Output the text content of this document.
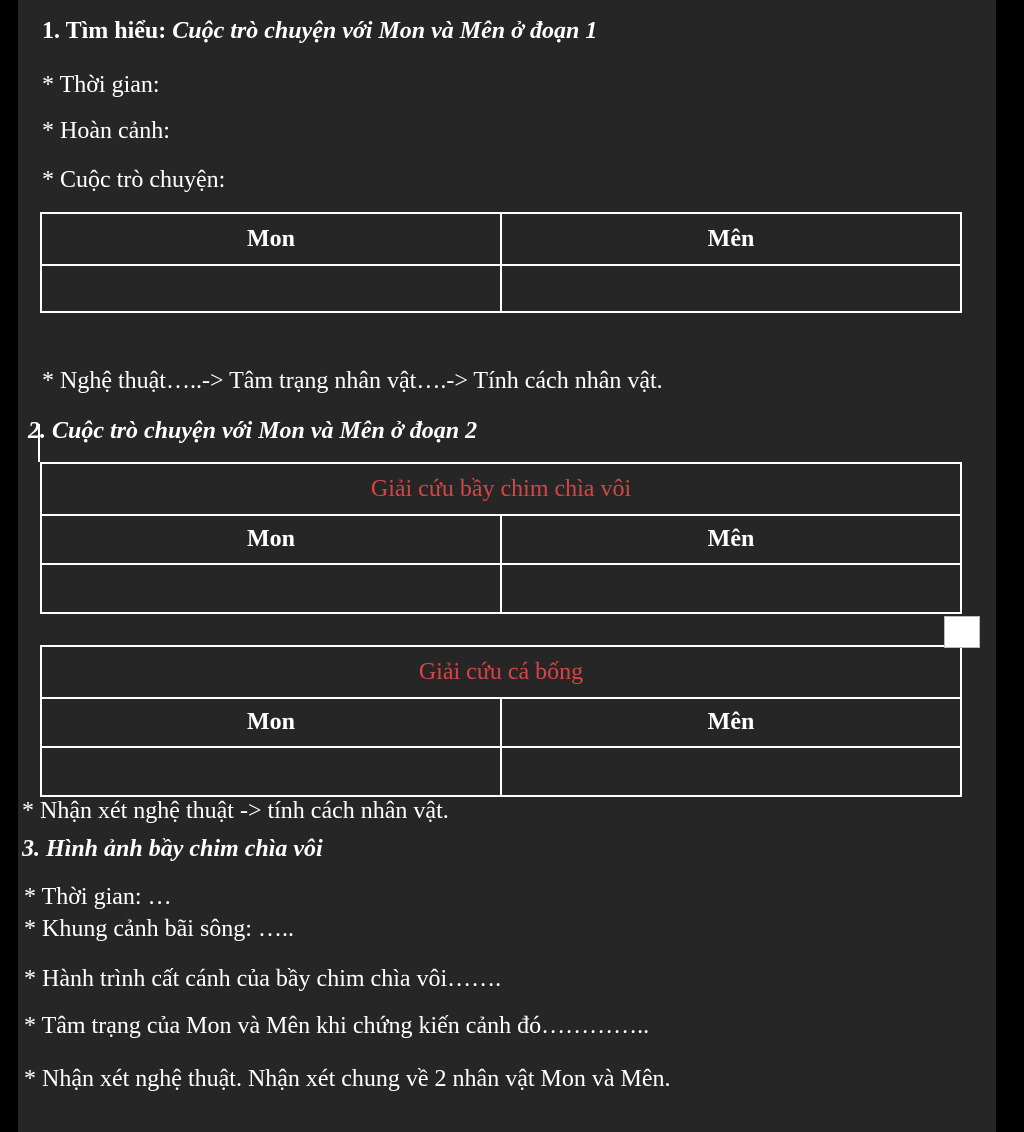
1. Tìm hiểu: Cuộc trò chuyện với Mon và Mên ở đoạn 1
* Thời gian:
* Hoàn cảnh:
* Cuộc trò chuyện:
Mon	Mên

* Nghệ thuật…..-> Tâm trạng nhân vật….-> Tính cách nhân vật.
2. Cuộc trò chuyện với Mon và Mên ở đoạn 2
Giải cứu bầy chim chìa vôi	
Mon	Mên

Giải cứu cá bống	
Mon	Mên

* Nhận xét nghệ thuật -> tính cách nhân vật.
3. Hình ảnh bầy chim chìa vôi
* Thời gian: …
* Khung cảnh bãi sông: …..
* Hành trình cất cánh của bầy chim chìa vôi…….
* Tâm trạng của Mon và Mên khi chứng kiến cảnh đó…………..
* Nhận xét nghệ thuật. Nhận xét chung về 2 nhân vật Mon và Mên.
